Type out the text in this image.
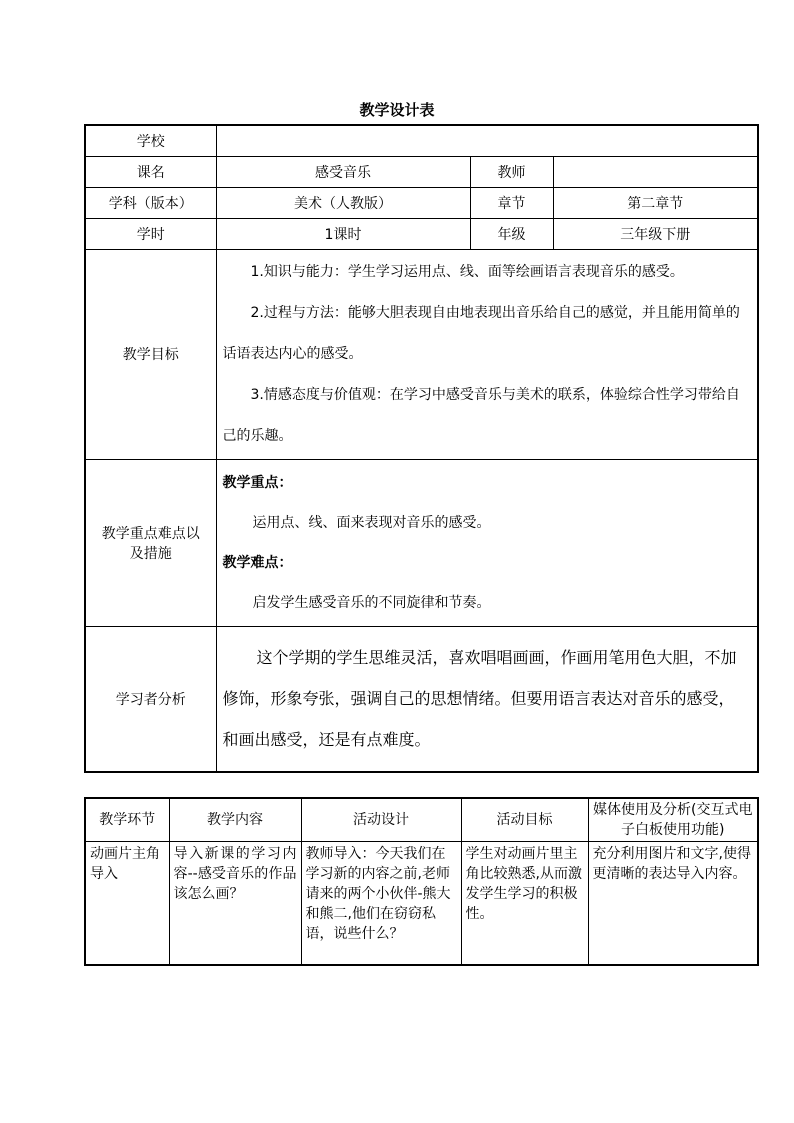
教学设计表
学校			
课名	感受音乐	教师	
学科（版本）	美术（人教版）	章节	第二章节
学时	1课时	年级	三年级下册
教学目标	1.知识与能力：学生学习运用点、线、面等绘画语言表现音乐的感受。

2.过程与方法：能够大胆表现自由地表现出音乐给自己的感觉，并且能用简单的话语表达内心的感受。

3.情感态度与价值观：在学习中感受音乐与美术的联系，体验综合性学习带给自己的乐趣。		

教学重点难点以及措施	教学重点：
运用点、线、面来表现对音乐的感受。
教学难点：
启发学生感受音乐的不同旋律和节奏。		

学习者分析	这个学期的学生思维灵活，喜欢唱唱画画，作画用笔用色大胆，不加修饰，形象夸张，强调自己的思想情绪。但要用语言表达对音乐的感受，和画出感受，还是有点难度。		
教学环节	教学内容	活动设计	活动目标	媒体使用及分析(交互式电子白板使用功能)
动画片主角导入	导入新课的学习内容--感受音乐的作品该怎么画？	教师导入：今天我们在学习新的内容之前,老师请来的两个小伙伴-熊大和熊二,他们在窃窃私语，说些什么？	学生对动画片里主角比较熟悉,从而激发学生学习的积极性。	充分利用图片和文字,使得更清晰的表达导入内容。
